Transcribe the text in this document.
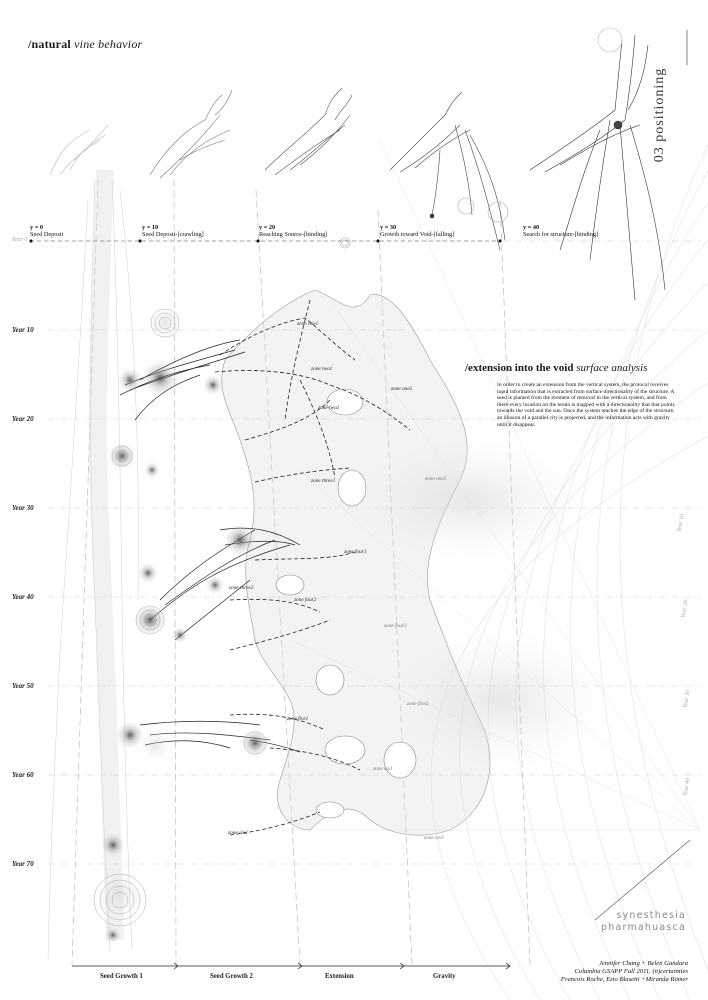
/natural vine behavior
03 positioning
y = 0
Seed Deposit
y = 10
Seed Deposit-[crawling]
y = 20
Reaching Source-[binding]
y = 30
Growth toward Void-[falling]
y = 40
Search for structure-[binding]
Year 0
Year 10
Year 20
Year 30
Year 40
Year 50
Year 60
Year 70
Year 10
Year 20
Year 30
Year 40
zone one1
zone one2
zone one3
zone two1
zone two2
zone three1
zone three2
zone four1
zone four2
zone four3
zone five1
zone five2
zone six1
zone six2
zone six3
/extension into the void surface analysis
In order to create an extension from the vertical system, the protocol receives input information that is extracted from surface directionality of the structure. A seed is planted from the moment of removal in the vertical system, and from there every location on the terain is mapped with a directionality that that points towards the void and the sun. Once the system reaches the edge of the structure, an illusion of a parallel city is projected, and the information acts with gravity until it disappear.
Seed Growth 1	Seed Growth 2	Extension	Gravity
synesthesia
pharmahuasca
Jennifer Chang + Belen Gandara
Columbia GSAPP Fall 2011. (n)certainties
Francois Roche, Ezio Blasetti +Miranda Römer
